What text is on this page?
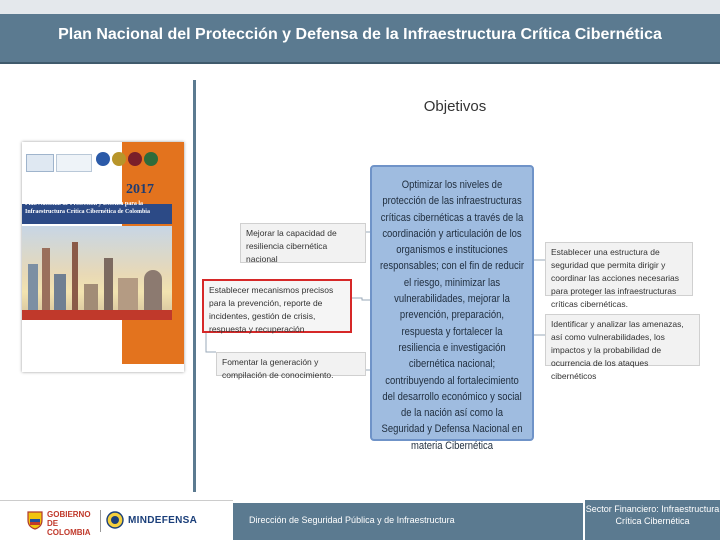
Plan Nacional del Protección y Defensa de la Infraestructura Crítica Cibernética
2017
Plan Nacional de Protección y Defensa para la Infraestructura Crítica Cibernética de Colombia
Objetivos
Mejorar la capacidad de resiliencia cibernética nacional
Establecer mecanismos precisos para la prevención, reporte de incidentes, gestión de crisis, respuesta y recuperación
Fomentar la generación y compilación de conocimiento.

Optimizar los niveles de protección de las infraestructuras críticas cibernéticas a través de la coordinación y articulación de los organismos e instituciones responsables; con el fin de reducir el riesgo, minimizar las vulnerabilidades, mejorar la prevención, preparación, respuesta y fortalecer la resiliencia e investigación cibernética nacional; contribuyendo al fortalecimiento del desarrollo económico y social de la nación así como la Seguridad y Defensa Nacional en materia Cibernética

Establecer una estructura de seguridad que permita dirigir y coordinar las acciones necesarias para proteger las infraestructuras críticas cibernéticas.
Identificar y analizar las amenazas, así como vulnerabilidades, los impactos y la probabilidad de ocurrencia de los ataques cibernéticos
GOBIERNO DE COLOMBIA
MINDEFENSA	Dirección de Seguridad Pública y de Infraestructura
Sector Financiero: Infraestructura Crítica Cibernética
